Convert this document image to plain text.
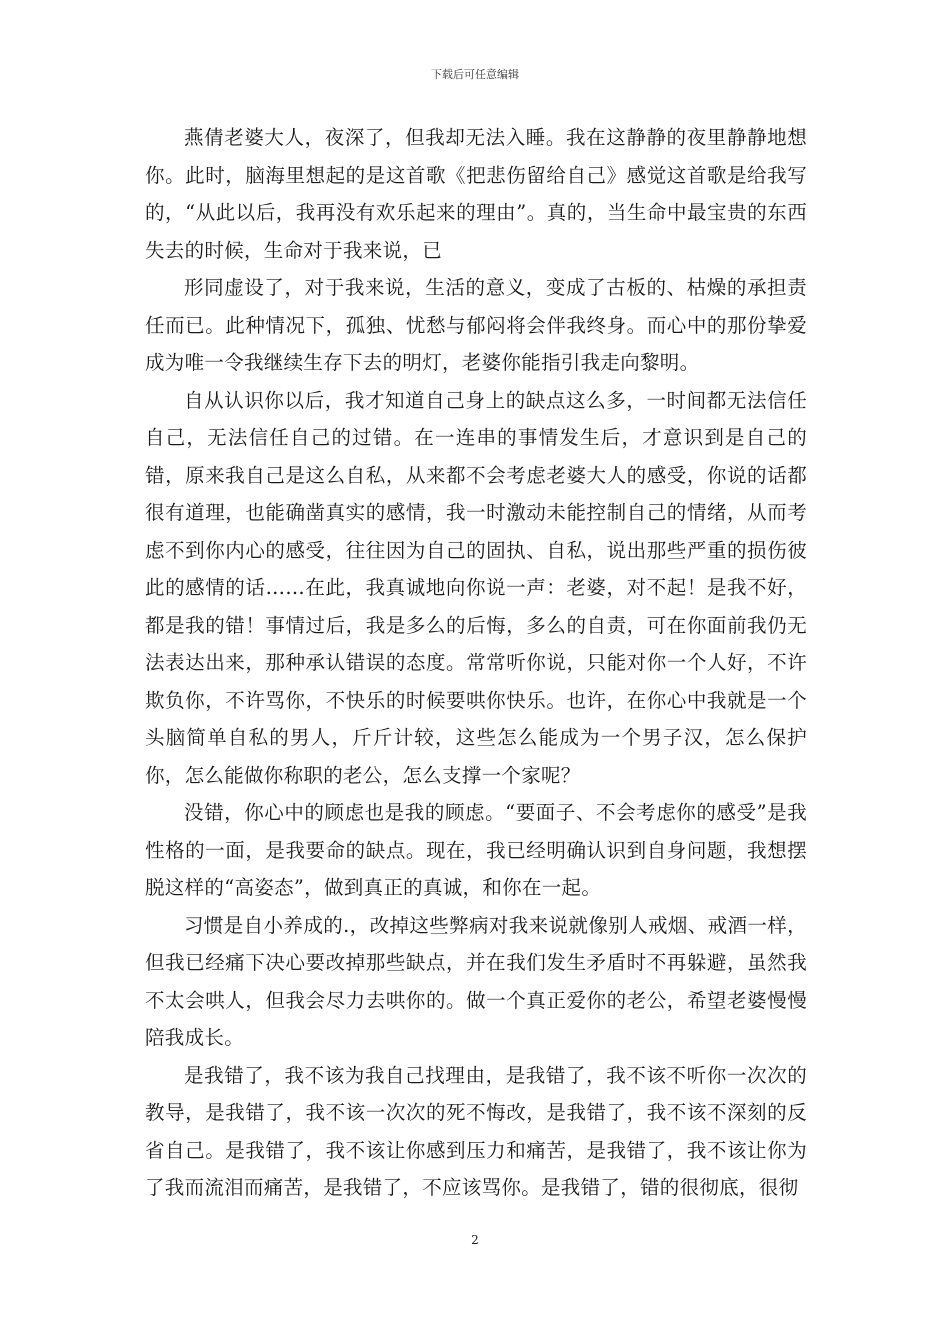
下载后可任意编辑

燕倩老婆大人，夜深了，但我却无法入睡。我在这静静的夜里静静地想你。此时，脑海里想起的是这首歌《把悲伤留给自己》感觉这首歌是给我写的，“从此以后，我再没有欢乐起来的理由”。真的，当生命中最宝贵的东西失去的时候，生命对于我来说，已

形同虚设了，对于我来说，生活的意义，变成了古板的、枯燥的承担责任而已。此种情况下，孤独、忧愁与郁闷将会伴我终身。而心中的那份挚爱成为唯一令我继续生存下去的明灯，老婆你能指引我走向黎明。

自从认识你以后，我才知道自己身上的缺点这么多，一时间都无法信任自己，无法信任自己的过错。在一连串的事情发生后，才意识到是自己的错，原来我自己是这么自私，从来都不会考虑老婆大人的感受，你说的话都很有道理，也能确凿真实的感情，我一时激动未能控制自己的情绪，从而考虑不到你内心的感受，往往因为自己的固执、自私，说出那些严重的损伤彼此的感情的话……在此，我真诚地向你说一声：老婆，对不起！是我不好，都是我的错！事情过后，我是多么的后悔，多么的自责，可在你面前我仍无法表达出来，那种承认错误的态度。常常听你说，只能对你一个人好，不许欺负你，不许骂你，不快乐的时候要哄你快乐。也许，在你心中我就是一个头脑简单自私的男人，斤斤计较，这些怎么能成为一个男子汉，怎么保护你，怎么能做你称职的老公，怎么支撑一个家呢？

没错，你心中的顾虑也是我的顾虑。“要面子、不会考虑你的感受”是我性格的一面，是我要命的缺点。现在，我已经明确认识到自身问题，我想摆脱这样的“高姿态”，做到真正的真诚，和你在一起。

习惯是自小养成的.，改掉这些弊病对我来说就像别人戒烟、戒酒一样，但我已经痛下决心要改掉那些缺点，并在我们发生矛盾时不再躲避，虽然我不太会哄人，但我会尽力去哄你的。做一个真正爱你的老公，希望老婆慢慢陪我成长。

是我错了，我不该为我自己找理由，是我错了，我不该不听你一次次的教导，是我错了，我不该一次次的死不悔改，是我错了，我不该不深刻的反省自己。是我错了，我不该让你感到压力和痛苦，是我错了，我不该让你为了我而流泪而痛苦，是我错了，不应该骂你。是我错了，错的很彻底，很彻

2
